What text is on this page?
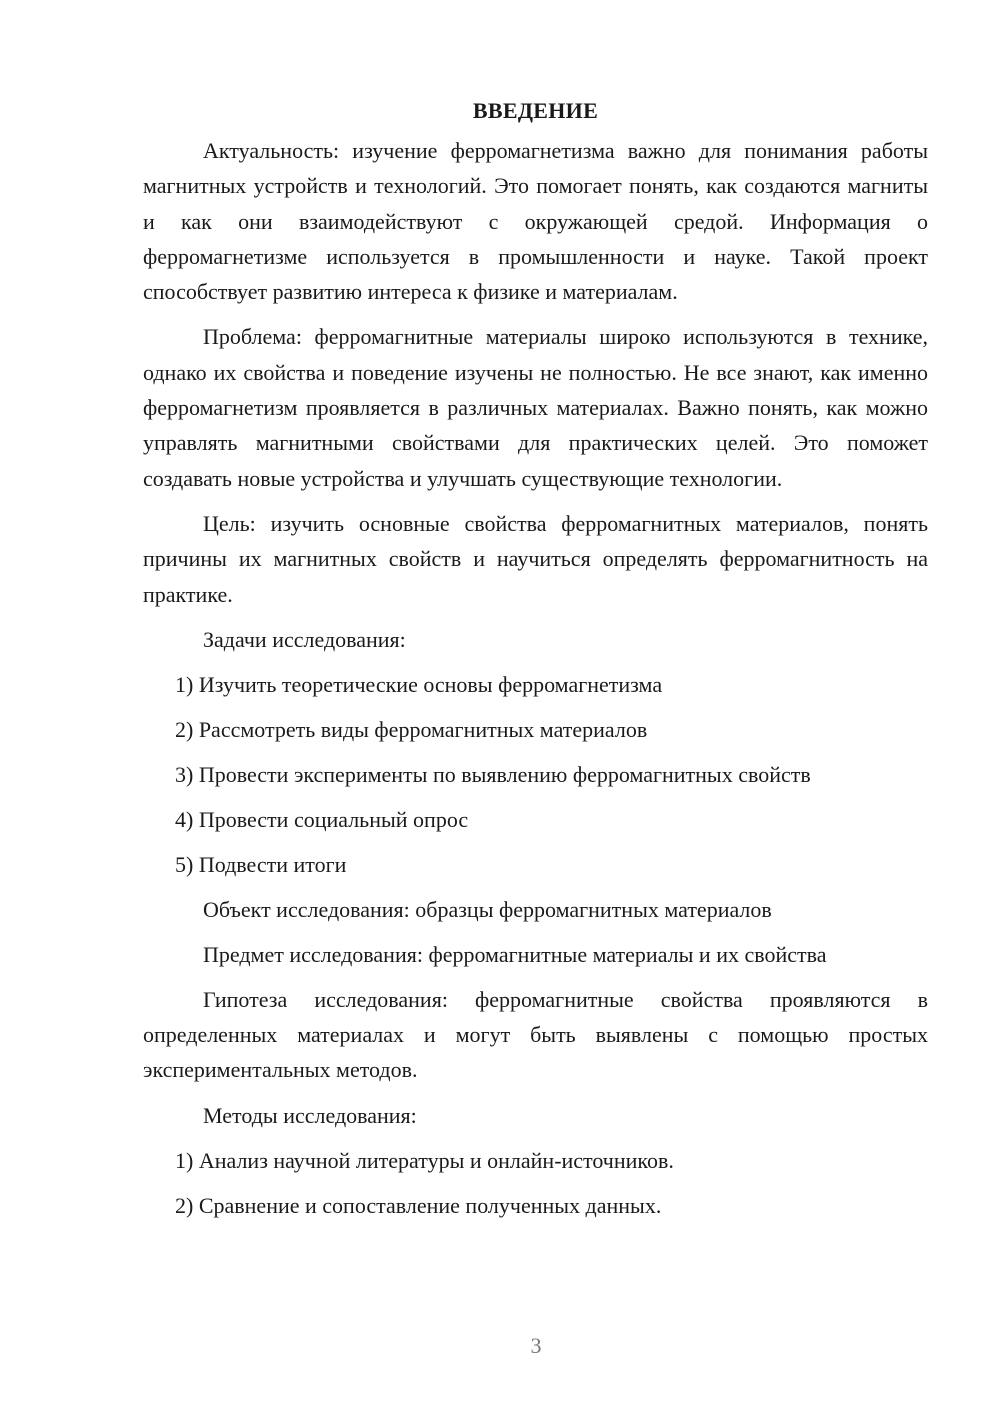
ВВЕДЕНИЕ

Актуальность: изучение ферромагнетизма важно для понимания работы магнитных устройств и технологий. Это помогает понять, как создаются магниты и как они взаимодействуют с окружающей средой. Информация о ферромагнетизме используется в промышленности и науке. Такой проект способствует развитию интереса к физике и материалам.

Проблема: ферромагнитные материалы широко используются в технике, однако их свойства и поведение изучены не полностью. Не все знают, как именно ферромагнетизм проявляется в различных материалах. Важно понять, как можно управлять магнитными свойствами для практических целей. Это поможет создавать новые устройства и улучшать существующие технологии.

Цель: изучить основные свойства ферромагнитных материалов, понять причины их магнитных свойств и научиться определять ферромагнитность на практике.

Задачи исследования:
1) Изучить теоретические основы ферромагнетизма
2) Рассмотреть виды ферромагнитных материалов
3) Провести эксперименты по выявлению ферромагнитных свойств
4) Провести социальный опрос
5) Подвести итоги
Объект исследования: образцы ферромагнитных материалов
Предмет исследования: ферромагнитные материалы и их свойства

Гипотеза исследования: ферромагнитные свойства проявляются в определенных материалах и могут быть выявлены с помощью простых экспериментальных методов.

Методы исследования:
1) Анализ научной литературы и онлайн-источников.
2) Сравнение и сопоставление полученных данных.
3
